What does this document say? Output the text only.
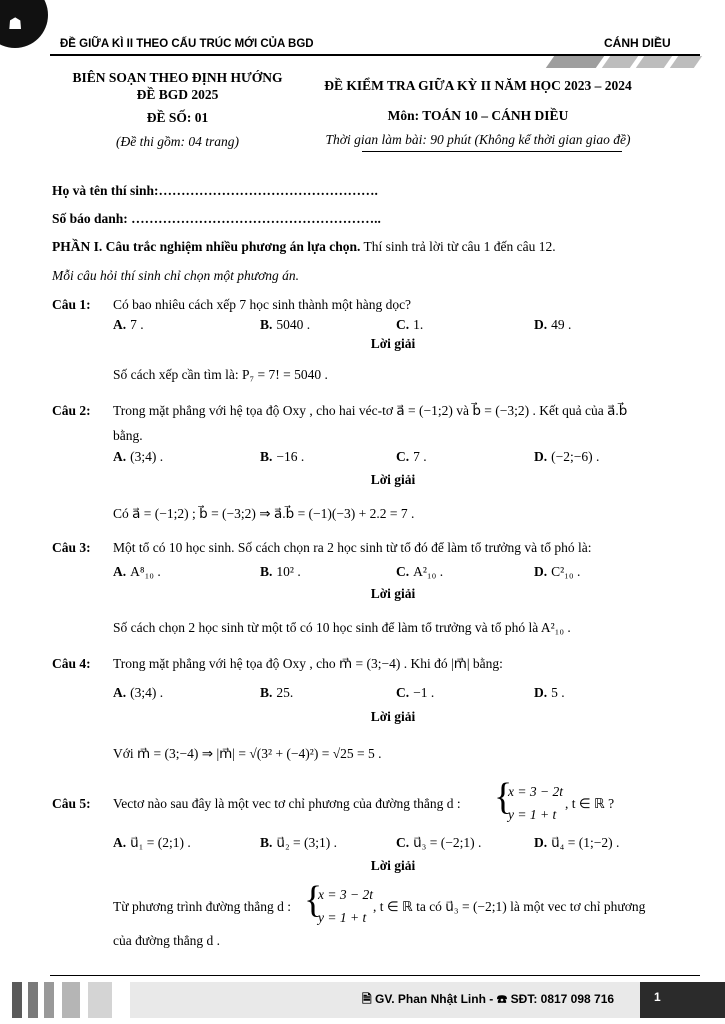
☗
ĐỀ GIỮA KÌ II THEO CẤU TRÚC MỚI CỦA BGD	CÁNH DIỀU
BIÊN SOẠN THEO ĐỊNH HƯỚNG
ĐỀ BGD 2025
ĐỀ SỐ: 01
(Đề thi gồm: 04 trang)
ĐỀ KIỂM TRA GIỮA KỲ II NĂM HỌC 2023 – 2024
Môn: TOÁN 10 – CÁNH DIỀU
Thời gian làm bài: 90 phút (Không kể thời gian giao đề)
Họ và tên thí sinh:………………………………………….
Số báo danh: ………………………………………………..
PHẦN I. Câu trắc nghiệm nhiều phương án lựa chọn. Thí sinh trả lời từ câu 1 đến câu 12.
Mỗi câu hỏi thí sinh chỉ chọn một phương án.
Câu 1: Có bao nhiêu cách xếp 7 học sinh thành một hàng dọc?
A. 7 .	B. 5040 .	C. 1.	D. 49 .
Lời giải
Số cách xếp cần tìm là: P₇ = 7! = 5040 .
Câu 2: Trong mặt phẳng với hệ tọa độ Oxy , cho hai véc-tơ a⃗ = (−1;2) và b⃗ = (−3;2) . Kết quả của a⃗.b⃗
bằng.
A. (3;4) .	B. −16 .	C. 7 .	D. (−2;−6) .
Lời giải
Có a⃗ = (−1;2) ; b⃗ = (−3;2) ⇒ a⃗.b⃗ = (−1)(−3) + 2.2 = 7 .
Câu 3: Một tổ có 10 học sinh. Số cách chọn ra 2 học sinh từ tổ đó để làm tổ trưởng và tổ phó là:
A. A⁸₁₀ .	B. 10² .	C. A²₁₀ .	D. C²₁₀ .
Lời giải
Số cách chọn 2 học sinh từ một tổ có 10 học sinh để làm tổ trưởng và tổ phó là A²₁₀ .
Câu 4: Trong mặt phẳng với hệ tọa độ Oxy , cho m⃗ = (3;−4) . Khi đó |m⃗| bằng:
A. (3;4) .	B. 25.	C. −1 .	D. 5 .
Lời giải
Với m⃗ = (3;−4) ⇒ |m⃗| = √(3² + (−4)²) = √25 = 5 .
Câu 5: Vectơ nào sau đây là một vec tơ chỉ phương của đường thẳng d : {
x = 3 − 2t
y = 1 + t
, t ∈ ℝ ?
A. u⃗₁ = (2;1) .	B. u⃗₂ = (3;1) .	C. u⃗₃ = (−2;1) .	D. u⃗₄ = (1;−2) .
Lời giải
Từ phương trình đường thẳng d : {
x = 3 − 2t
y = 1 + t
, t ∈ ℝ ta có u⃗₃ = (−2;1) là một vec tơ chỉ phương
của đường thẳng d .
🗎 GV. Phan Nhật Linh - ☎ SĐT: 0817 098 716	1
